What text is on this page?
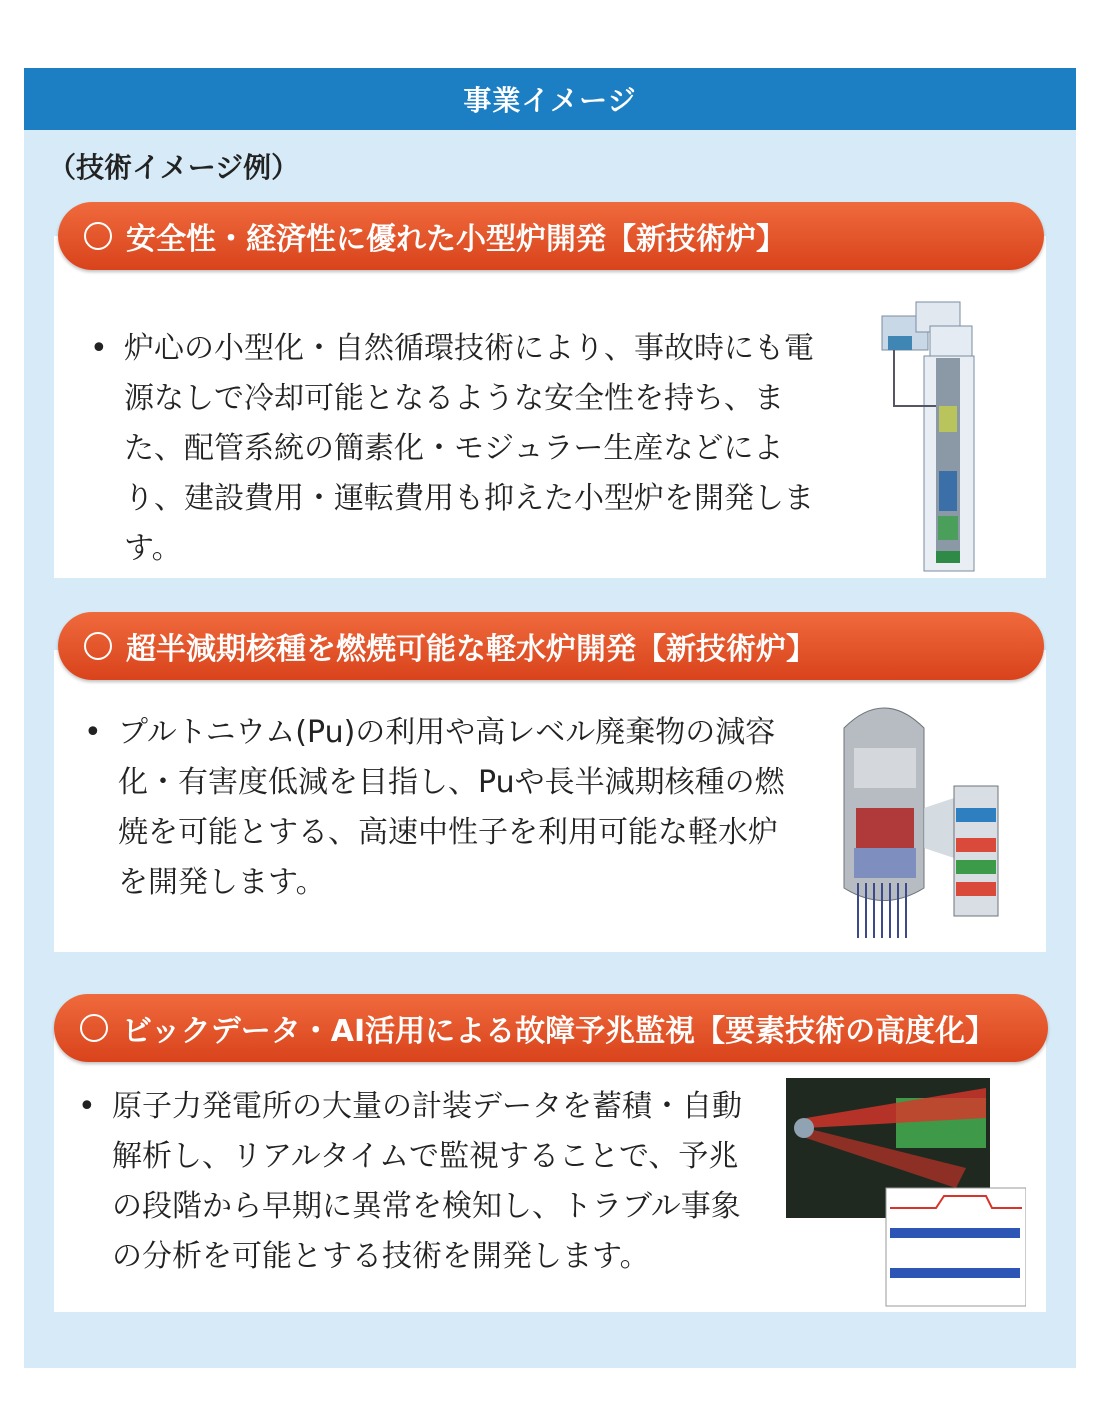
事業イメージ
（技術イメージ例）
• 炉心の小型化・自然循環技術により、事故時にも電源なしで冷却可能となるような安全性を持ち、また、配管系統の簡素化・モジュラー生産などにより、建設費用・運転費用も抑えた小型炉を開発します。
安全性・経済性に優れた小型炉開発【新技術炉】
• プルトニウム(Pu)の利用や高レベル廃棄物の減容化・有害度低減を目指し、Puや長半減期核種の燃焼を可能とする、高速中性子を利用可能な軽水炉を開発します。
超半減期核種を燃焼可能な軽水炉開発【新技術炉】
• 原子力発電所の大量の計装データを蓄積・自動解析し、リアルタイムで監視することで、予兆の段階から早期に異常を検知し、トラブル事象の分析を可能とする技術を開発します。
ビックデータ・AI活用による故障予兆監視【要素技術の高度化】
